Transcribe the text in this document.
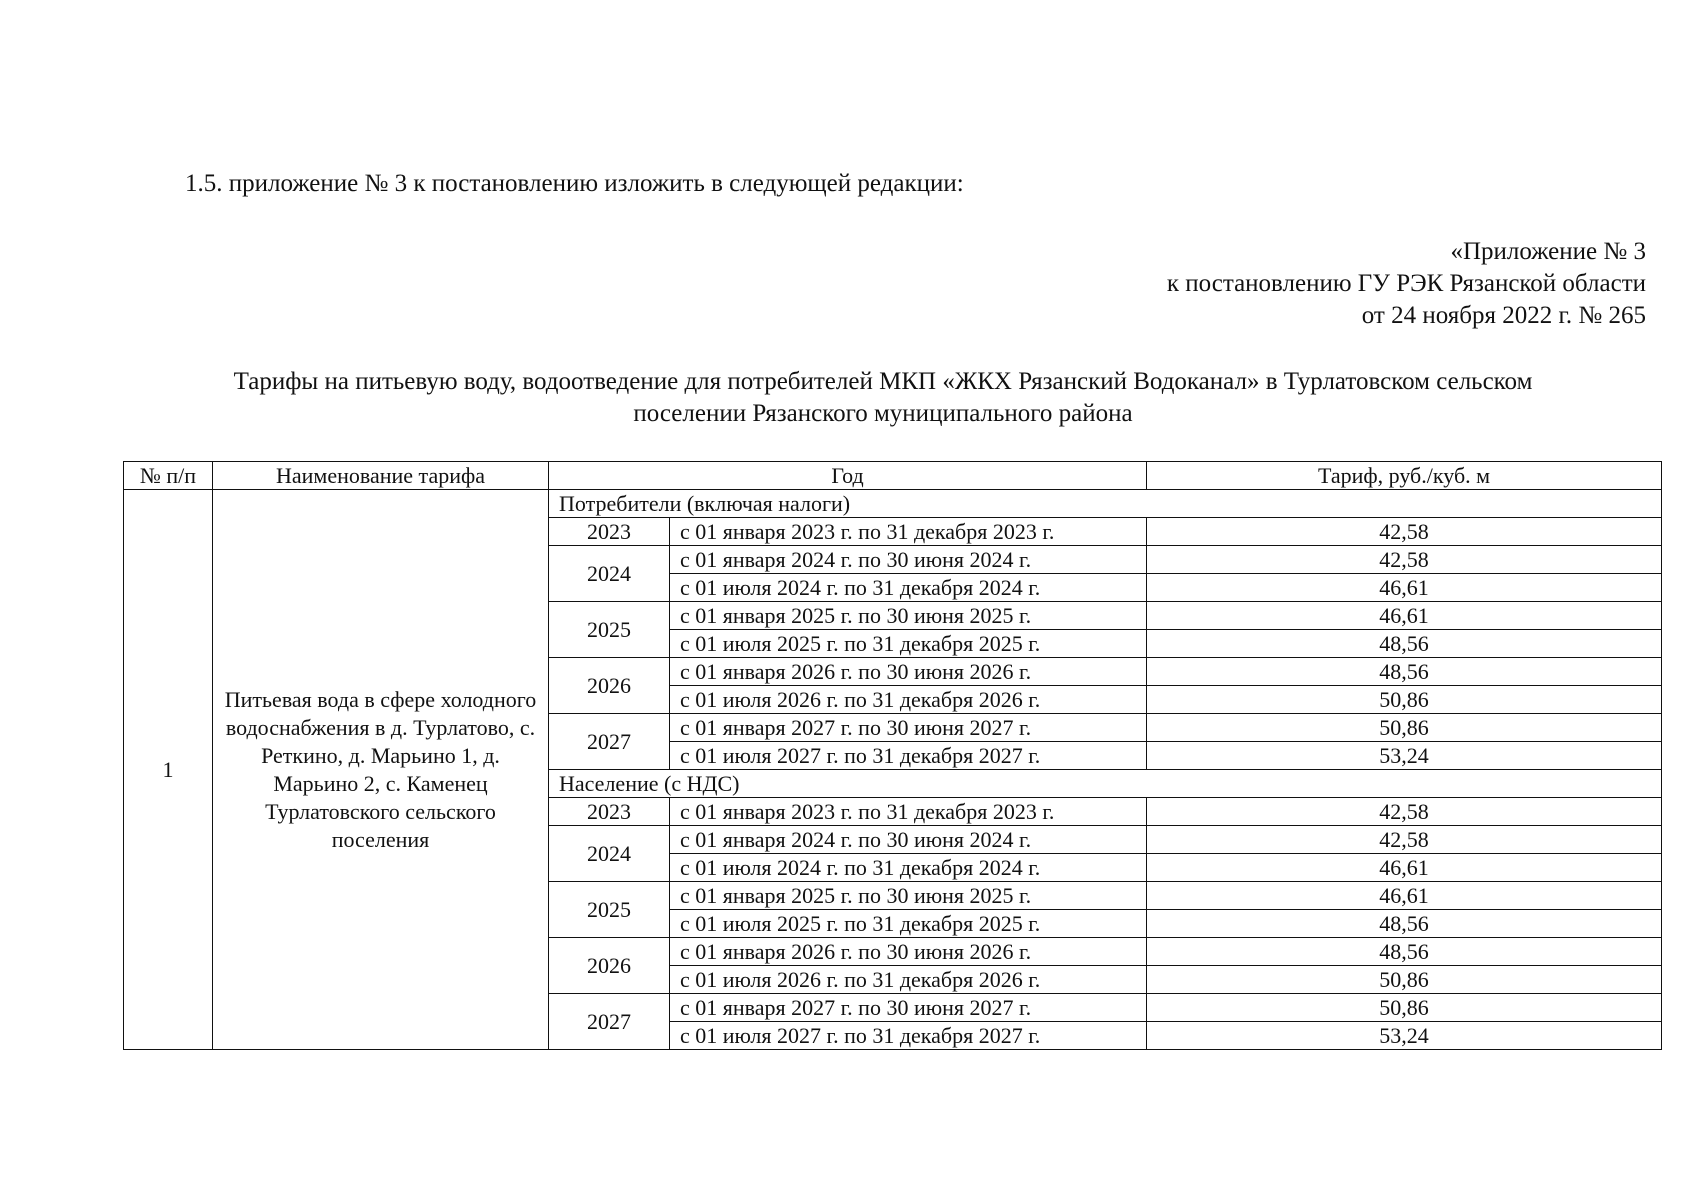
1.5. приложение № 3 к постановлению изложить в следующей редакции:
«Приложение № 3
к постановлению ГУ РЭК Рязанской области
от 24 ноября 2022 г. № 265
Тарифы на питьевую воду, водоотведение для потребителей МКП «ЖКХ Рязанский Водоканал» в Турлатовском сельском
поселении Рязанского муниципального района
№ п/п	Наименование тарифа	Год		Тариф, руб./куб. м
1	Питьевая вода в сфере холодного водоснабжения в д. Турлатово, с. Реткино, д. Марьино 1, д. Марьино 2, с. Каменец Турлатовского сельского поселения	Потребители (включая налоги)		
		2023	с 01 января 2023 г. по 31 декабря 2023 г.	42,58
		2024	с 01 января 2024 г. по 30 июня 2024 г.	42,58
			с 01 июля 2024 г. по 31 декабря 2024 г.	46,61
		2025	с 01 января 2025 г. по 30 июня 2025 г.	46,61
			с 01 июля 2025 г. по 31 декабря 2025 г.	48,56
		2026	с 01 января 2026 г. по 30 июня 2026 г.	48,56
			с 01 июля 2026 г. по 31 декабря 2026 г.	50,86
		2027	с 01 января 2027 г. по 30 июня 2027 г.	50,86
			с 01 июля 2027 г. по 31 декабря 2027 г.	53,24
		Население (с НДС)		
		2023	с 01 января 2023 г. по 31 декабря 2023 г.	42,58
		2024	с 01 января 2024 г. по 30 июня 2024 г.	42,58
			с 01 июля 2024 г. по 31 декабря 2024 г.	46,61
		2025	с 01 января 2025 г. по 30 июня 2025 г.	46,61
			с 01 июля 2025 г. по 31 декабря 2025 г.	48,56
		2026	с 01 января 2026 г. по 30 июня 2026 г.	48,56
			с 01 июля 2026 г. по 31 декабря 2026 г.	50,86
		2027	с 01 января 2027 г. по 30 июня 2027 г.	50,86
			с 01 июля 2027 г. по 31 декабря 2027 г.	53,24
